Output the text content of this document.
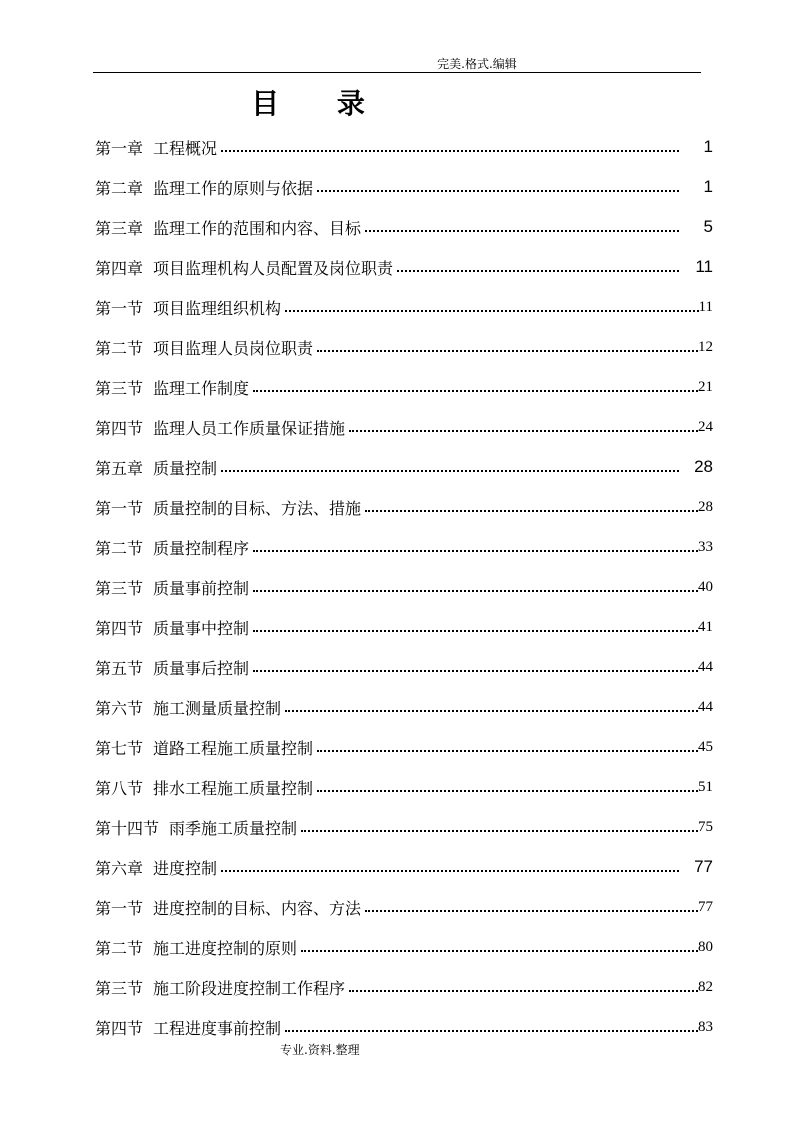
完美.格式.编辑
目 录
第一章 工程概况	1
第二章 监理工作的原则与依据	1
第三章 监理工作的范围和内容、目标	5
第四章 项目监理机构人员配置及岗位职责	11
第一节 项目监理组织机构	11
第二节 项目监理人员岗位职责	12
第三节 监理工作制度	21
第四节 监理人员工作质量保证措施	24
第五章 质量控制	28
第一节 质量控制的目标、方法、措施	28
第二节 质量控制程序	33
第三节 质量事前控制	40
第四节 质量事中控制	41
第五节 质量事后控制	44
第六节 施工测量质量控制	44
第七节 道路工程施工质量控制	45
第八节 排水工程施工质量控制	51
第十四节 雨季施工质量控制	75
第六章 进度控制	77
第一节 进度控制的目标、内容、方法	77
第二节 施工进度控制的原则	80
第三节 施工阶段进度控制工作程序	82
第四节 工程进度事前控制	83
专业.资料.整理
